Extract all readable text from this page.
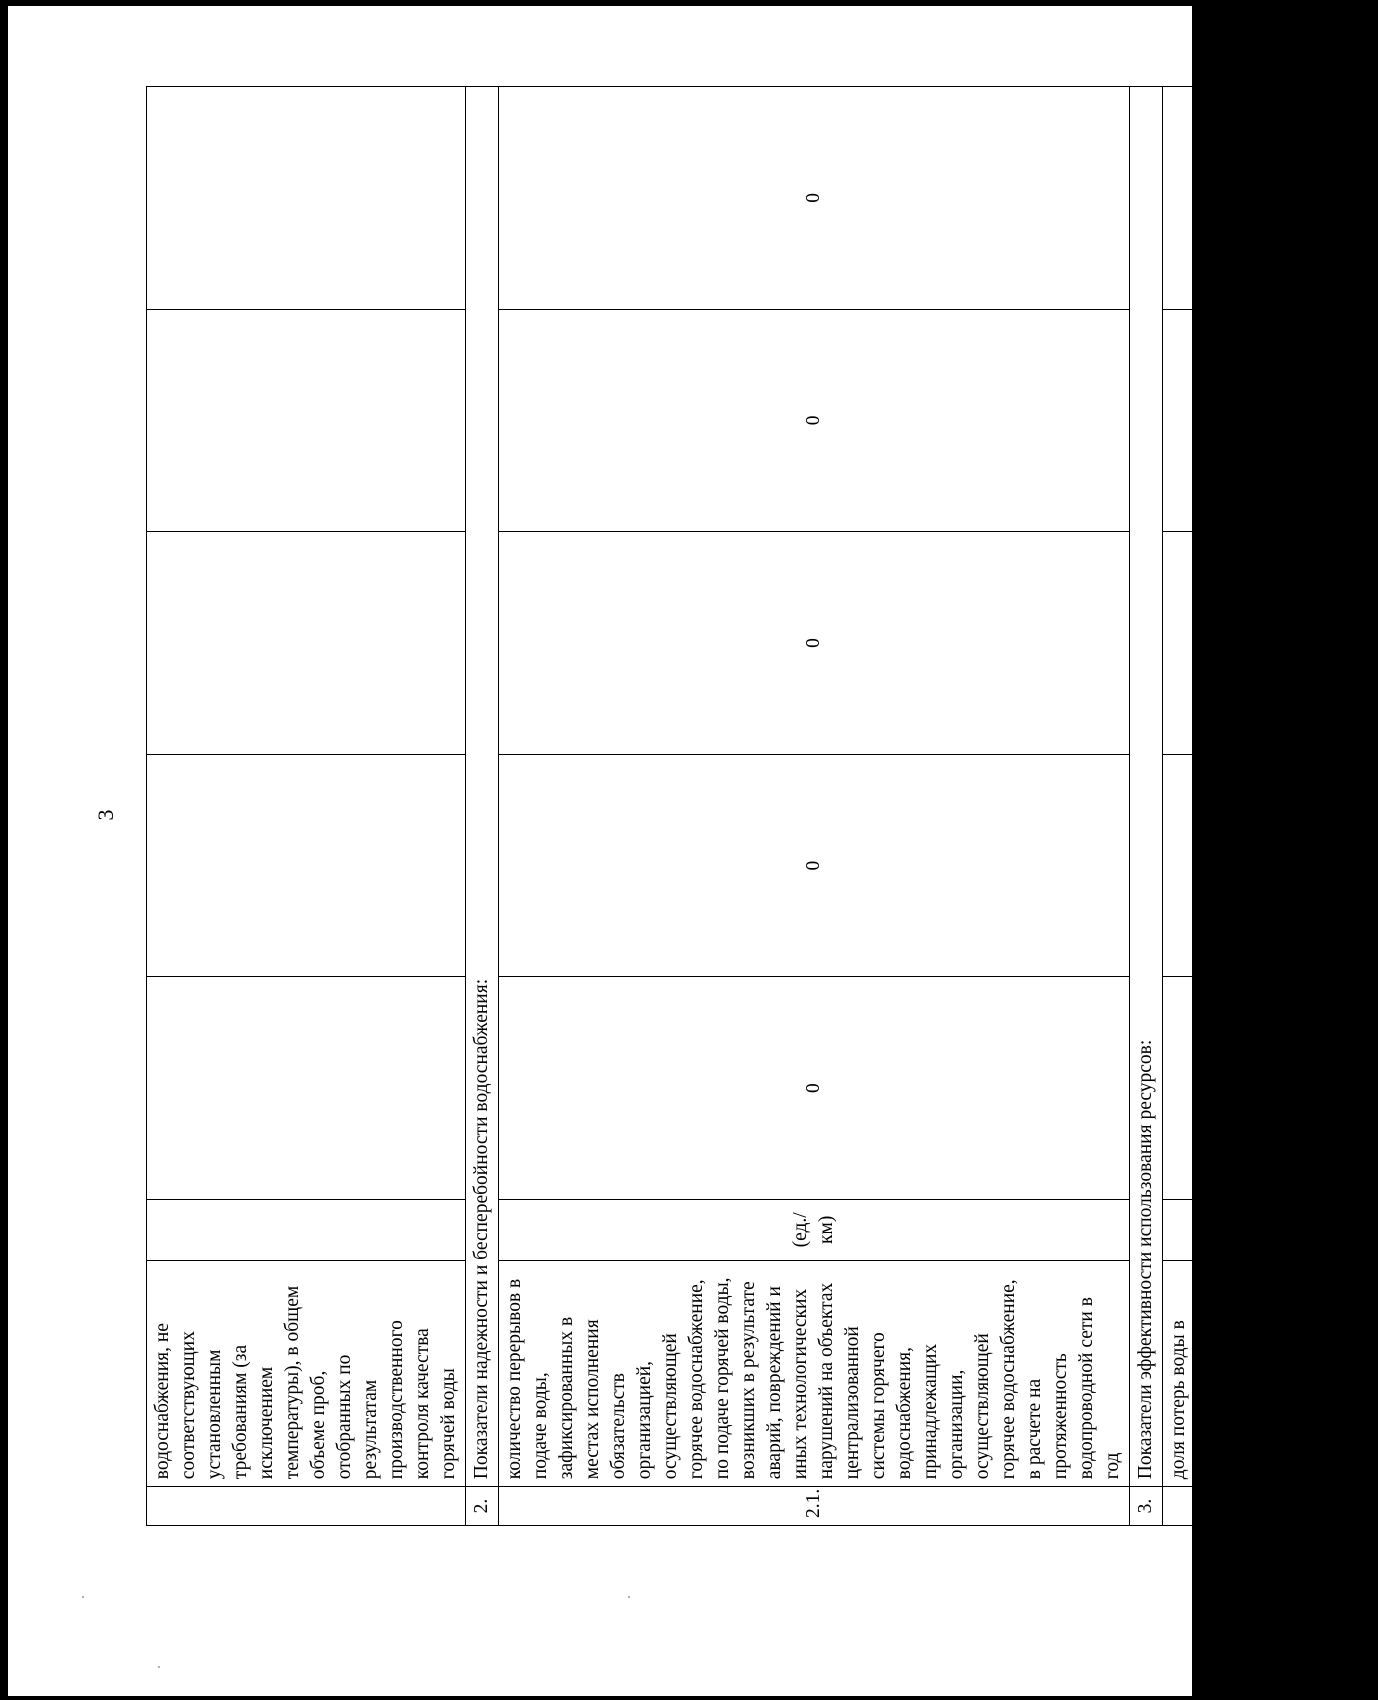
3
	водоснабжения, не соответствующих установленным требованиям (за исключением температуры), в общем объеме проб, отобранных по результатам производственного контроля качества горячей воды						
2.	Показатели надежности и бесперебойности водоснабжения:						

2.1.	количество перерывов в подаче воды, зафиксированных в местах исполнения обязательств организацией, осуществляющей горячее водоснабжение, по подаче горячей воды, возникших в результате аварий, повреждений и иных технологических нарушений на объектах централизованной системы горячего водоснабжения, принадлежащих организации, осуществляющей горячее водоснабжение, в расчете на протяженность водопроводной сети в год	(ед./км)	0	0	0	0	0
3.	Показатели эффективности использования ресурсов:						

3.1.	доля потерь воды в централизованной системе горячего водоснабжения при транспортировке в общем объеме воды, поданной в водопроводную сеть	%	0	0	0	0	0
